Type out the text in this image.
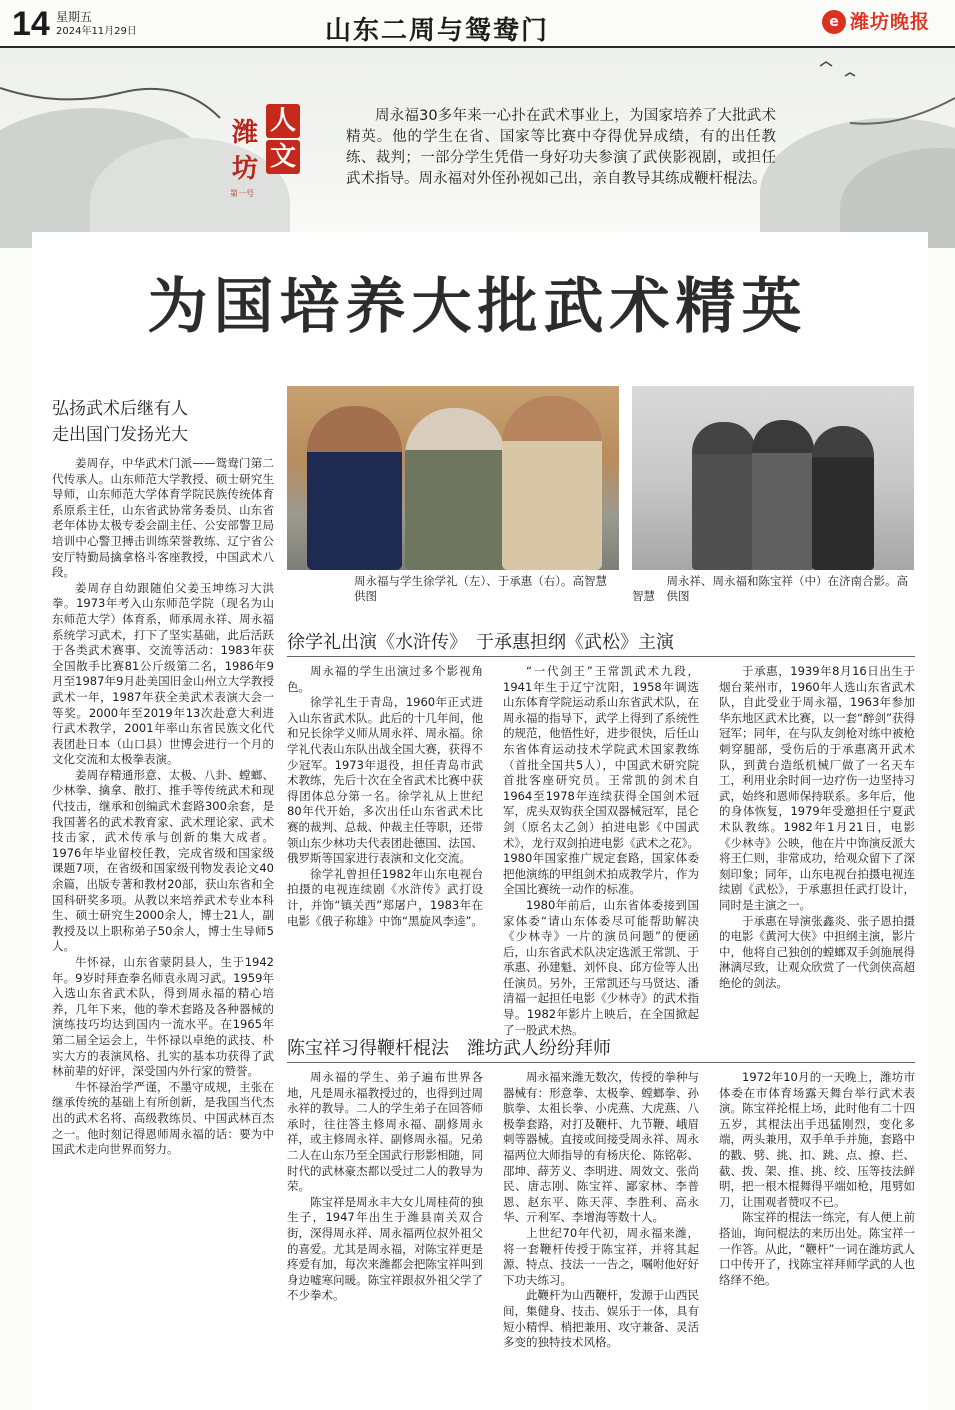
14 星期五
2024年11月29日	山东二周与鸳鸯门	e 潍坊晚报
潍 人
坊 文
第一号
周永福30多年来一心扑在武术事业上，为国家培养了大批武术精英。他的学生在省、国家等比赛中夺得优异成绩，有的出任教练、裁判；一部分学生凭借一身好功夫参演了武侠影视剧，或担任武术指导。周永福对外侄孙视如己出，亲自教导其练成鞭杆棍法。
为国培养大批武术精英
弘扬武术后继有人
走出国门发扬光大

姜周存，中华武术门派——鸳鸯门第二代传承人。山东师范大学教授、硕士研究生导师，山东师范大学体育学院民族传统体育系原系主任，山东省武协常务委员、山东省老年体协太极专委会副主任、公安部警卫局培训中心警卫搏击训练荣誉教练、辽宁省公安厅特勤局擒拿格斗客座教授，中国武术八段。

姜周存自幼跟随伯父姜玉坤练习大洪拳。1973年考入山东师范学院（现名为山东师范大学）体育系，师承周永祥、周永福系统学习武术，打下了坚实基础，此后活跃于各类武术赛事、交流等活动：1983年获全国散手比赛81公斤级第二名，1986年9月至1987年9月赴美国旧金山州立大学教授武术一年，1987年获全美武术表演大会一等奖。2000年至2019年13次赴意大利进行武术教学，2001年率山东省民族文化代表团赴日本（山口县）世博会进行一个月的文化交流和太极拳表演。

姜周存精通形意、太极、八卦、螳螂、少林拳、擒拿、散打、推手等传统武术和现代技击，继承和创编武术套路300余套，是我国著名的武术教育家、武术理论家、武术技击家，武术传承与创新的集大成者。1976年毕业留校任教，完成省级和国家级课题7项，在省级和国家级刊物发表论文40余篇，出版专著和教材20部，获山东省和全国科研奖多项。从教以来培养武术专业本科生、硕士研究生2000余人，博士21人，副教授及以上职称弟子50余人，博士生导师5人。

牛怀禄，山东省蒙阴县人，生于1942年。9岁时拜查拳名师袁永周习武。1959年入选山东省武术队，得到周永福的精心培养，几年下来，他的拳术套路及各种器械的演练技巧均达到国内一流水平。在1965年第二届全运会上，牛怀禄以卓绝的武技、朴实大方的表演风格、扎实的基本功获得了武林前辈的好评，深受国内外行家的赞誉。

牛怀禄治学严谨，不墨守成规，主张在继承传统的基础上有所创新，是我国当代杰出的武术名将、高级教练员、中国武林百杰之一。他时刻记得恩师周永福的话：要为中国武术走向世界而努力。

周永福与学生徐学礼（左）、于承惠（右）。高智慧　供图
周永祥、周永福和陈宝祥（中）在济南合影。高智慧　供图
徐学礼出演《水浒传》　于承惠担纲《武松》主演

周永福的学生出演过多个影视角色。

徐学礼生于青岛，1960年正式进入山东省武术队。此后的十几年间，他和兄长徐学义师从周永祥、周永福。徐学礼代表山东队出战全国大赛，获得不少冠军。1973年退役，担任青岛市武术教练，先后十次在全省武术比赛中获得团体总分第一名。徐学礼从上世纪80年代开始，多次出任山东省武术比赛的裁判、总裁、仲裁主任等职，还带领山东少林功夫代表团赴德国、法国、俄罗斯等国家进行表演和文化交流。

徐学礼曾担任1982年山东电视台拍摄的电视连续剧《水浒传》武打设计，并饰“镇关西”郑屠户，1983年在电影《俄子称雄》中饰“黑旋风李逵”。

“一代剑王”王常凯武术九段，1941年生于辽宁沈阳，1958年调选山东体育学院运动系山东省武术队，在周永福的指导下，武学上得到了系统性的规范，他悟性好，进步很快，后任山东省体育运动技术学院武术国家教练（首批全国共5人），中国武术研究院首批客座研究员。王常凯的剑术自1964至1978年连续获得全国剑术冠军，虎头双钩获全国双器械冠军，昆仑剑（原名太乙剑）拍进电影《中国武术》，龙行双剑拍进电影《武术之花》。1980年国家推广规定套路，国家体委把他演练的甲组剑术拍成教学片，作为全国比赛统一动作的标准。

1980年前后，山东省体委接到国家体委“请山东体委尽可能帮助解决《少林寺》一片的演员问题”的便函后，山东省武术队决定选派王常凯、于承惠、孙建魁、刘怀良、邱方俭等人出任演员。另外，王常凯还与马贤达、潘清福一起担任电影《少林寺》的武术指导。1982年影片上映后，在全国掀起了一股武术热。

于承惠，1939年8月16日出生于烟台莱州市，1960年人选山东省武术队，自此受业于周永福，1963年参加华东地区武术比赛，以一套“醉剑”获得冠军；同年，在与队友剑枪对练中被枪刺穿腿部，受伤后的于承惠离开武术队，到黄台造纸机械厂做了一名天车工，利用业余时间一边疗伤一边坚持习武，始终和恩师保持联系。多年后，他的身体恢复，1979年受邀担任宁夏武术队教练。1982年1月21日，电影《少林寺》公映，他在片中饰演反派大将王仁则，非常成功，给观众留下了深刻印象；同年，山东电视台拍摄电视连续剧《武松》，于承惠担任武打设计，同时是主演之一。

于承惠在导演张鑫炎、张子恩拍摄的电影《黄河大侠》中担纲主演，影片中，他将自己独创的螳螂双手剑施展得淋漓尽致，让观众欣赏了一代剑侠高超绝伦的剑法。

陈宝祥习得鞭杆棍法　潍坊武人纷纷拜师

周永福的学生、弟子遍布世界各地，凡是周永福教授过的，也得到过周永祥的教导。二人的学生弟子在回答师承时，往往答主修周永福、副修周永祥，或主修周永祥、副修周永福。兄弟二人在山东乃至全国武行形影相随，同时代的武林豪杰都以受过二人的教导为荣。

陈宝祥是周永丰大女儿周桂荷的独生子，1947年出生于潍县南关双合街，深得周永祥、周永福两位叔外祖父的喜爱。尤其是周永福，对陈宝祥更是疼爱有加，每次来潍都会把陈宝祥叫到身边嘘寒问暖。陈宝祥跟叔外祖父学了不少拳术。

周永福来潍无数次，传授的拳种与器械有：形意拳、太极拳、螳螂拳、孙膑拳、太祖长拳、小虎燕、大虎燕、八极拳套路，对打及鞭杆、九节鞭、峨眉刺等器械。直接或间接受周永祥、周永福两位大师指导的有杨庆伦、陈铭彰、邵坤、薛芳义、李明进、周效文、张尚民、唐志刚、陈宝祥、鄙家林、李普恩、赵东平、陈天萍、李胜利、高永华、亓利军、李增海等数十人。

上世纪70年代初，周永福来潍，将一套鞭杆传授于陈宝祥，并将其起源、特点、技法一一告之，嘱咐他好好下功夫练习。

此鞭杆为山西鞭杆，发源于山西民间，集健身、技击、娱乐于一体，具有短小精悍、梢把兼用、攻守兼备、灵活多变的独特技术风格。

1972年10月的一天晚上，潍坊市体委在市体育场露天舞台举行武术表演。陈宝祥抡棍上场，此时他有二十四五岁，其棍法出手迅猛刚烈，变化多端，两头兼用，双手单手并施，套路中的戳、劈、挑、扣、跳、点、撩、拦、截、拨、架、推、挑、绞、压等技法鲜明，把一根木棍舞得平端如枪，甩劈如刀，让围观者赞叹不已。

陈宝祥的棍法一练完，有人便上前搭讪，询问棍法的来历出处。陈宝祥一一作答。从此，“鞭杆”一词在潍坊武人口中传开了，找陈宝祥拜师学武的人也络绎不绝。
